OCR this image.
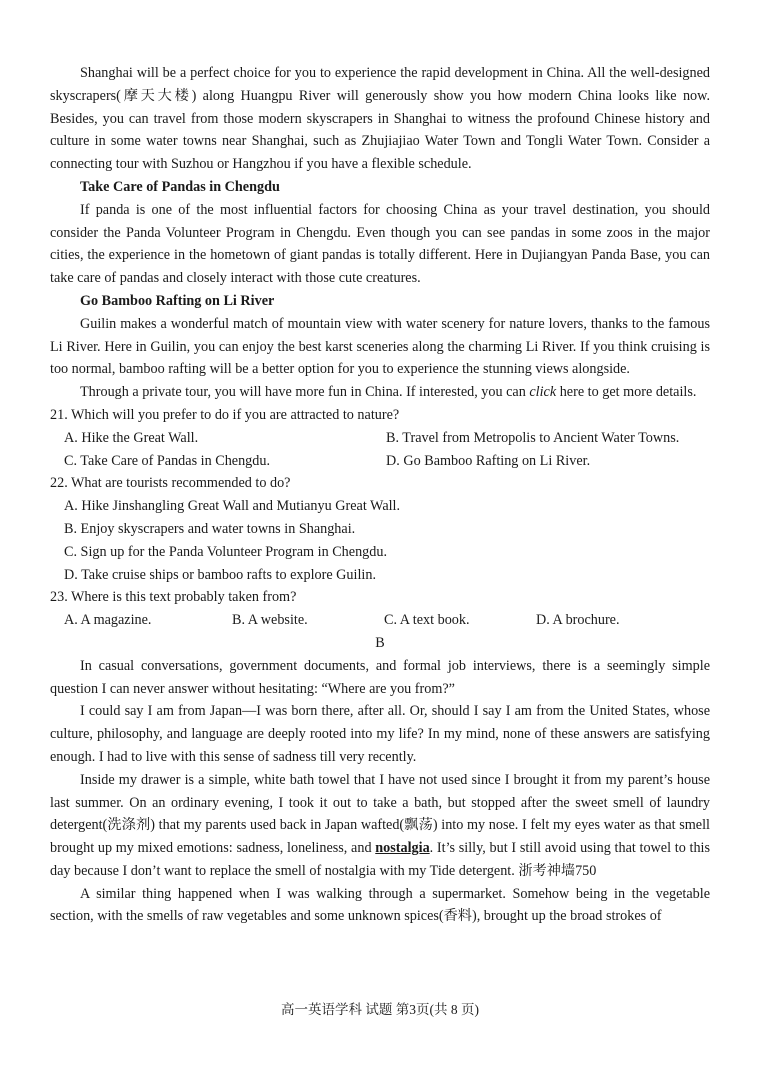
Shanghai will be a perfect choice for you to experience the rapid development in China. All the well-designed skyscrapers(摩天大楼) along Huangpu River will generously show you how modern China looks like now. Besides, you can travel from those modern skyscrapers in Shanghai to witness the profound Chinese history and culture in some water towns near Shanghai, such as Zhujiajiao Water Town and Tongli Water Town. Consider a connecting tour with Suzhou or Hangzhou if you have a flexible schedule.

Take Care of Pandas in Chengdu

If panda is one of the most influential factors for choosing China as your travel destination, you should consider the Panda Volunteer Program in Chengdu. Even though you can see pandas in some zoos in the major cities, the experience in the hometown of giant pandas is totally different. Here in Dujiangyan Panda Base, you can take care of pandas and closely interact with those cute creatures.

Go Bamboo Rafting on Li River

Guilin makes a wonderful match of mountain view with water scenery for nature lovers, thanks to the famous Li River. Here in Guilin, you can enjoy the best karst sceneries along the charming Li River. If you think cruising is too normal, bamboo rafting will be a better option for you to experience the stunning views alongside.

Through a private tour, you will have more fun in China. If interested, you can click here to get more details.

21. Which will you prefer to do if you are attracted to nature?

A. Hike the Great Wall.	B. Travel from Metropolis to Ancient Water Towns.
C. Take Care of Pandas in Chengdu.	D. Go Bamboo Rafting on Li River.

22. What are tourists recommended to do?

A. Hike Jinshangling Great Wall and Mutianyu Great Wall.
B. Enjoy skyscrapers and water towns in Shanghai.
C. Sign up for the Panda Volunteer Program in Chengdu.
D. Take cruise ships or bamboo rafts to explore Guilin.

23. Where is this text probably taken from?

A. A magazine.	B. A website.	C. A text book.	D. A brochure.

B

In casual conversations, government documents, and formal job interviews, there is a seemingly simple question I can never answer without hesitating: “Where are you from?”

I could say I am from Japan—I was born there, after all. Or, should I say I am from the United States, whose culture, philosophy, and language are deeply rooted into my life? In my mind, none of these answers are satisfying enough. I had to live with this sense of sadness till very recently.

Inside my drawer is a simple, white bath towel that I have not used since I brought it from my parent’s house last summer. On an ordinary evening, I took it out to take a bath, but stopped after the sweet smell of laundry detergent(洗涤剂) that my parents used back in Japan wafted(飘荡) into my nose. I felt my eyes water as that smell brought up my mixed emotions: sadness, loneliness, and nostalgia. It’s silly, but I still avoid using that towel to this day because I don’t want to replace the smell of nostalgia with my Tide detergent. 浙考神墙750

A similar thing happened when I was walking through a supermarket. Somehow being in the vegetable section, with the smells of raw vegetables and some unknown spices(香料), brought up the broad strokes of

高一英语学科 试题 第3页(共 8 页)
